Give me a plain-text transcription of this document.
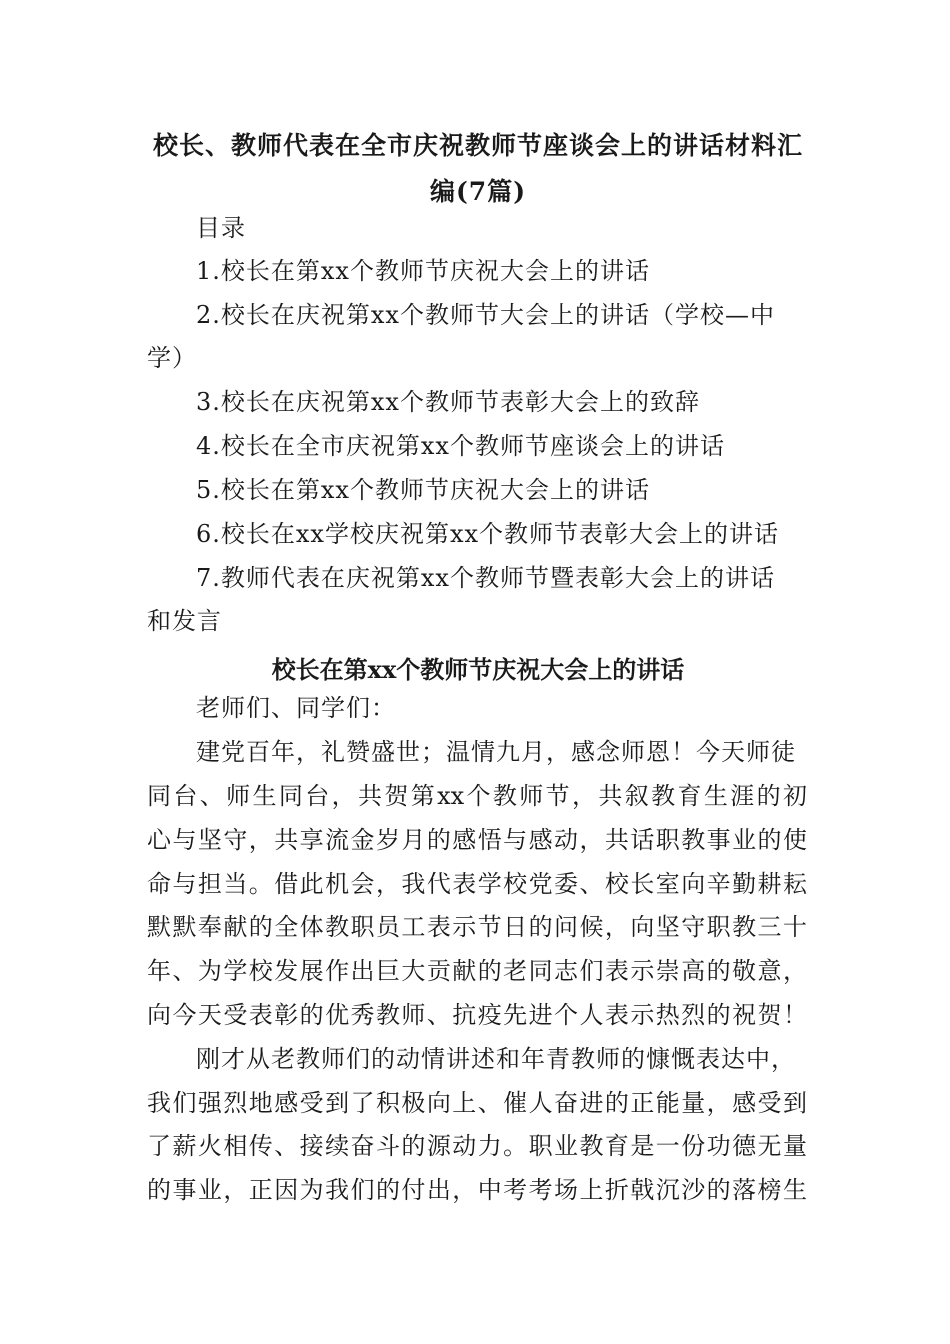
校长、教师代表在全市庆祝教师节座谈会上的讲话材料汇
编(7篇)
目录
1.校长在第xx个教师节庆祝大会上的讲话
2.校长在庆祝第xx个教师节大会上的讲话（学校—中
学）
3.校长在庆祝第xx个教师节表彰大会上的致辞
4.校长在全市庆祝第xx个教师节座谈会上的讲话
5.校长在第xx个教师节庆祝大会上的讲话
6.校长在xx学校庆祝第xx个教师节表彰大会上的讲话
7.教师代表在庆祝第xx个教师节暨表彰大会上的讲话
和发言
校长在第xx个教师节庆祝大会上的讲话
老师们、同学们：
建党百年，礼赞盛世；温情九月，感念师恩！今天师徒
同台、师生同台，共贺第xx个教师节，共叙教育生涯的初
心与坚守，共享流金岁月的感悟与感动，共话职教事业的使
命与担当。借此机会，我代表学校党委、校长室向辛勤耕耘
默默奉献的全体教职员工表示节日的问候，向坚守职教三十
年、为学校发展作出巨大贡献的老同志们表示崇高的敬意，
向今天受表彰的优秀教师、抗疫先进个人表示热烈的祝贺！
刚才从老教师们的动情讲述和年青教师的慷慨表达中，
我们强烈地感受到了积极向上、催人奋进的正能量，感受到
了薪火相传、接续奋斗的源动力。职业教育是一份功德无量
的事业，正因为我们的付出，中考考场上折戟沉沙的落榜生
